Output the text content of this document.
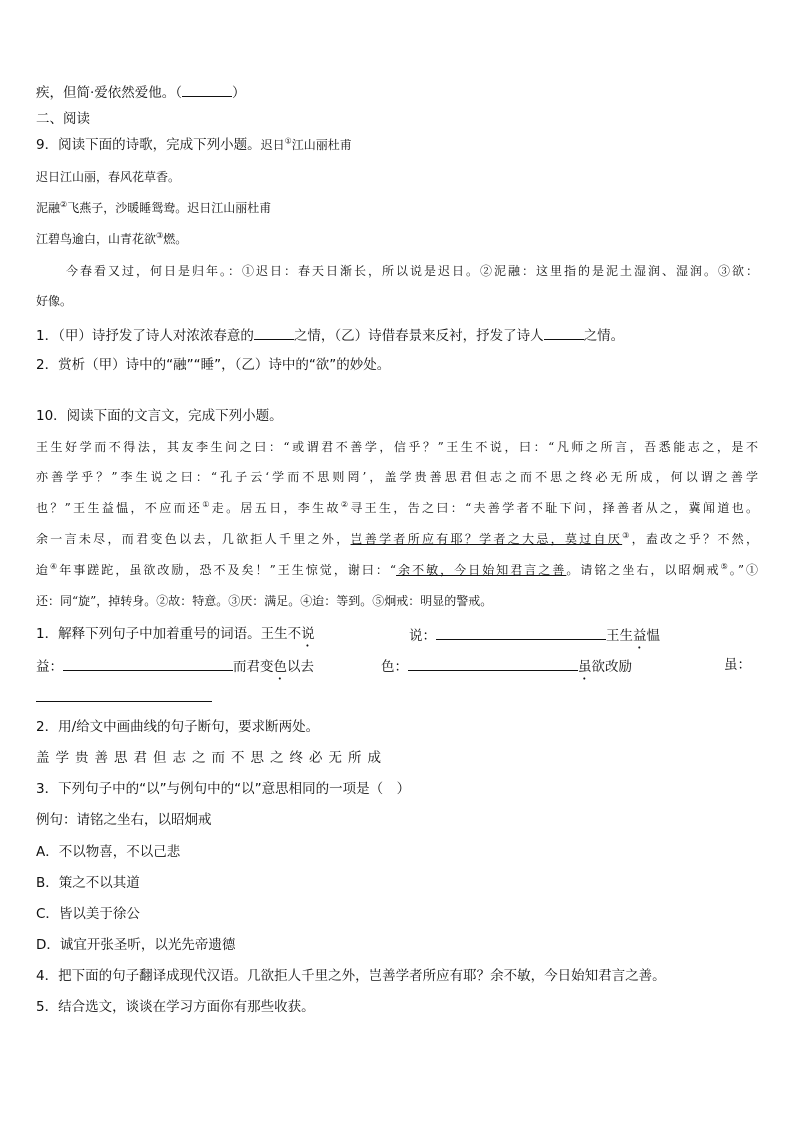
疾，但简·爱依然爱他。（	）
二、阅读
9．阅读下面的诗歌，完成下列小题。迟日①江山丽杜甫
迟日江山丽，春风花草香。
泥融②飞燕子，沙暖睡鸳鸯。迟日江山丽杜甫
江碧鸟逾白，山青花欲③燃。
今春看又过，何日是归年。：①迟日：春天日渐长，所以说是迟日。②泥融：这里指的是泥土湿润、湿润。③欲：
好像。
1．（甲）诗抒发了诗人对浓浓春意的	之情，（乙）诗借春景来反衬，抒发了诗人	之情。
2．赏析（甲）诗中的“融”“睡”，（乙）诗中的“欲”的妙处。
10．阅读下面的文言文，完成下列小题。
王生好学而不得法，其友李生问之曰：“或谓君不善学，信乎？”王生不说，曰：“凡师之所言，吾悉能志之，是不
亦善学乎？”李生说之曰：“孔子云‘学而不思则罔’，盖学贵善思君但志之而不思之终必无所成，何以谓之善学
也？”王生益愠，不应而还①走。居五日，李生故②寻王生，告之曰：“夫善学者不耻下问，择善者从之，冀闻道也。
余一言未尽，而君变色以去，几欲拒人千里之外，岂善学者所应有耶？学者之大忌，莫过自厌③，盍改之乎？不然，
迨④年事蹉跎，虽欲改励，恐不及矣！”王生惊觉，谢曰：“余不敏，今日始知君言之善。请铭之坐右，以昭炯戒⑤。”①
还：同“旋”，掉转身。②故：特意。③厌：满足。④迨：等到。⑤炯戒：明显的警戒。
1．解释下列句子中加着重号的词语。王生不说	说：	王生益愠
益：	而君变色以去	色：	虽欲改励	虽：
2．用/给文中画曲线的句子断句，要求断两处。
盖学贵善思君但志之而不思之终必无所成
3．下列句子中的“以”与例句中的“以”意思相同的一项是（　）
例句：请铭之坐右，以昭炯戒
A．不以物喜，不以己悲
B．策之不以其道
C．皆以美于徐公
D．诚宜开张圣听，以光先帝遗德
4．把下面的句子翻译成现代汉语。几欲拒人千里之外，岂善学者所应有耶？余不敏，今日始知君言之善。
5．结合选文，谈谈在学习方面你有那些收获。
